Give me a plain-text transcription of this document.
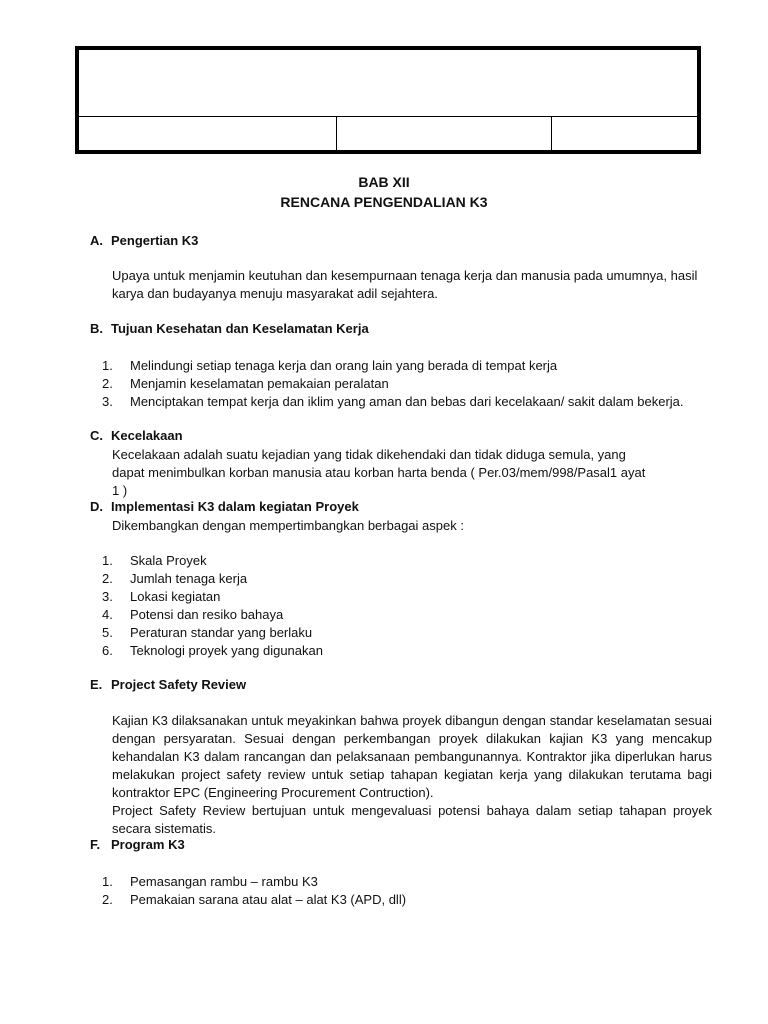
BAB XII
RENCANA PENGENDALIAN K3
A. Pengertian K3
Upaya untuk menjamin keutuhan dan kesempurnaan tenaga kerja dan manusia pada umumnya, hasil karya dan budayanya menuju masyarakat adil sejahtera.
B. Tujuan Kesehatan dan Keselamatan Kerja
1. Melindungi setiap tenaga kerja dan orang lain yang berada di tempat kerja
2. Menjamin keselamatan pemakaian peralatan
3. Menciptakan tempat kerja dan iklim yang aman dan bebas dari kecelakaan/ sakit dalam bekerja.
C. Kecelakaan
Kecelakaan adalah suatu kejadian yang tidak dikehendaki dan tidak diduga semula, yang dapat menimbulkan korban manusia atau korban harta benda ( Per.03/mem/998/Pasal1 ayat 1 )
D. Implementasi K3 dalam kegiatan Proyek
Dikembangkan dengan mempertimbangkan berbagai aspek :
1. Skala Proyek
2. Jumlah tenaga kerja
3. Lokasi kegiatan
4. Potensi dan resiko bahaya
5. Peraturan standar yang berlaku
6. Teknologi proyek yang digunakan
E. Project Safety Review
Kajian K3 dilaksanakan untuk meyakinkan bahwa proyek dibangun dengan standar keselamatan sesuai dengan persyaratan. Sesuai dengan perkembangan proyek dilakukan kajian K3 yang mencakup kehandalan K3 dalam rancangan dan pelaksanaan pembangunannya. Kontraktor jika diperlukan harus melakukan project safety review untuk setiap tahapan kegiatan kerja yang dilakukan terutama bagi kontraktor EPC (Engineering Procurement Contruction).
Project Safety Review bertujuan untuk mengevaluasi potensi bahaya dalam setiap tahapan proyek secara sistematis.
F. Program K3
1. Pemasangan rambu – rambu K3
2. Pemakaian sarana atau alat – alat K3 (APD, dll)
